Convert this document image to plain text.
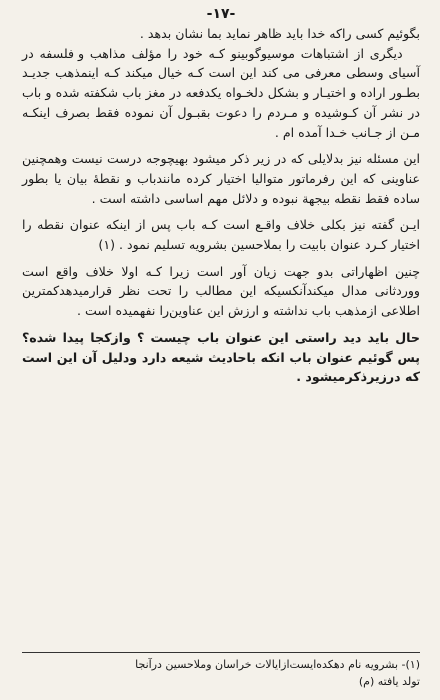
-۱۷-

بگوئیم کسی راکه خدا باید ظاهر نماید بما نشان بدهد .

دیگری از اشتباهات موسیوگوبینو کـه خود را مؤلف مذاهب و فلسفه در آسیای وسطی معرفی می کند این است کـه خیال میکند کـه اینمذهب جدیـد بطـور اراده و اختیـار و بشکل دلخـواه یکدفعه در مغز باب شکفته شده و باب در نشر آن کـوشیده و مـردم را دعوت بقبـول آن نموده فقط بصرف اینکـه مـن از جـانب خـدا آمده ام .

این مسئله نیز بدلایلی که در زیر ذکر میشود بهیچوجه درست نیست وهمچنین عناوینی که این رفرماتور متوالیا اختیار کرده مانندباب و نقطهٔ بیان یا بطور ساده فقط نقطه بیجهة نبوده و دلائل مهم اساسی داشته است .

ایـن گفته نیز بکلی خلاف واقـع است کـه باب پس از اینکه عنوان نقطه را اختیار کـرد عنوان بابیت را بملاحسین بشرویه تسلیم نمود . (۱)

چنین اظهاراتی بدو جهت زیان آور است زیرا کـه اولا خلاف واقع است ووردثانی مدال میکندآنکسیکه این مطالب را تحت نظر قرارمیدهدکمترین اطلاعی ازمذهب باب نداشته و ارزش این عناوین‌را نفهمیده است .

حال باید دید راستی این عنوان باب چیست ؟ وازکجا پیدا شده؟ پس گوئیم عنوان باب انکه باحادیث شیعه دارد ودلیل آن این است که درزیرذکرمیشود .

(۱)- بشرویه نام دهکده‌ایست‌ازایالات خراسان وملاحسین درآنجا

تولد یافته (م)
